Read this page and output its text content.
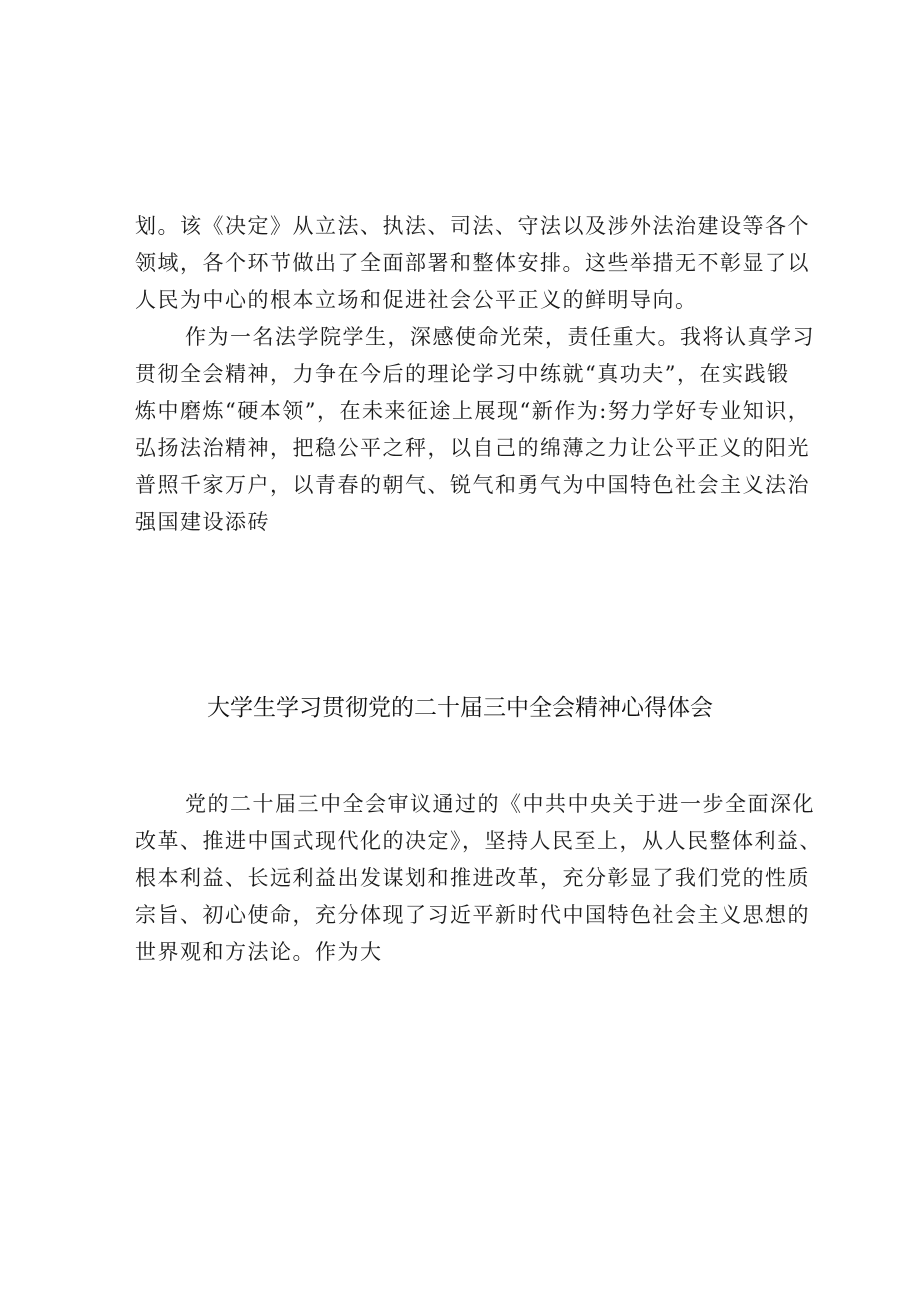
划。该《决定》从立法、执法、司法、守法以及涉外法治建设等各个
领域，各个环节做出了全面部署和整体安排。这些举措无不彰显了以
人民为中心的根本立场和促进社会公平正义的鲜明导向。
作为一名法学院学生，深感使命光荣，责任重大。我将认真学习
贯彻全会精神，力争在今后的理论学习中练就“真功夫”，在实践锻
炼中磨炼“硬本领”，在未来征途上展现“新作为:努力学好专业知识，
弘扬法治精神，把稳公平之秤，以自己的绵薄之力让公平正义的阳光
普照千家万户，以青春的朝气、锐气和勇气为中国特色社会主义法治
强国建设添砖
大学生学习贯彻党的二十届三中全会精神心得体会
党的二十届三中全会审议通过的《中共中央关于进一步全面深化
改革、推进中国式现代化的决定》，坚持人民至上，从人民整体利益、
根本利益、长远利益出发谋划和推进改革，充分彰显了我们党的性质
宗旨、初心使命，充分体现了习近平新时代中国特色社会主义思想的
世界观和方法论。作为大
